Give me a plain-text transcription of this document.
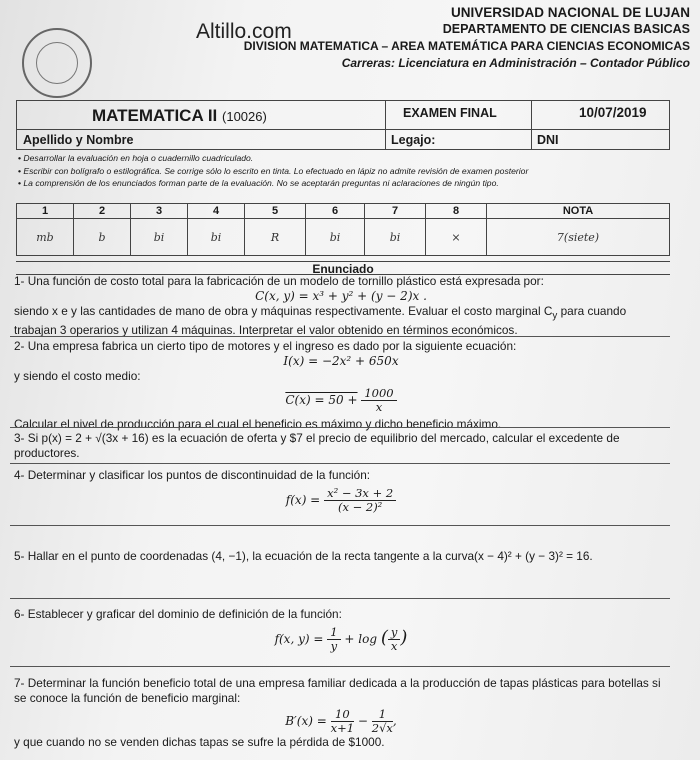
Altillo.com
UNIVERSIDAD NACIONAL DE LUJAN
DEPARTAMENTO DE CIENCIAS BASICAS
DIVISION MATEMATICA – AREA MATEMÁTICA PARA CIENCIAS ECONOMICAS
Carreras: Licenciatura en Administración – Contador Público
MATEMATICA II (10026)	EXAMEN FINAL	10/07/2019
Apellido y Nombre	Legajo:	DNI
• Desarrollar la evaluación en hoja o cuadernillo cuadriculado.
• Escribir con bolígrafo o estilográfica. Se corrige sólo lo escrito en tinta. Lo efectuado en lápiz no admite revisión de examen posterior
• La comprensión de los enunciados forman parte de la evaluación. No se aceptarán preguntas ni aclaraciones de ningún tipo.
1	2	3	4	5	6	7	8	NOTA
mb	b	bi	bi	R	bi	bi	×	7(siete)
Enunciado
1- Una función de costo total para la fabricación de un modelo de tornillo plástico está expresada por:
C(x, y) = x³ + y² + (y − 2)x .
siendo x e y las cantidades de mano de obra y máquinas respectivamente. Evaluar el costo marginal $C_y$ para cuando
trabajan 3 operarios y utilizan 4 máquinas. Interpretar el valor obtenido en términos económicos.
2- Una empresa fabrica un cierto tipo de motores y el ingreso es dado por la siguiente ecuación:
I(x) = −2x² + 650x
y siendo el costo medio:
$C(x) = 50 + \frac{1000}{x}$
Calcular el nivel de producción para el cual el beneficio es máximo y dicho beneficio máximo.
3- Si p(x) = 2 + √(3x + 16) es la ecuación de oferta y $7 el precio de equilibrio del mercado, calcular el excedente de productores.
4- Determinar y clasificar los puntos de discontinuidad de la función:
$f(x) = \frac{\text{x² − 3x + 2}}{\text{(x − 2)²}}$
5- Hallar en el punto de coordenadas (4, −1), la ecuación de la recta tangente a la curva(x − 4)² + (y − 3)² = 16.
6- Establecer y graficar del dominio de definición de la función:
f(x, $y) = \frac{1}{y} + \log$ ( $\frac{y}{x}$ )
7- Determinar la función beneficio total de una empresa familiar dedicada a la producción de tapas plásticas para botellas si se conoce la función de beneficio marginal:
$B'(x) = \frac{10}{x+1} - \frac{1}{2√x}$ ,
y que cuando no se venden dichas tapas se sufre la pérdida de $1000.
